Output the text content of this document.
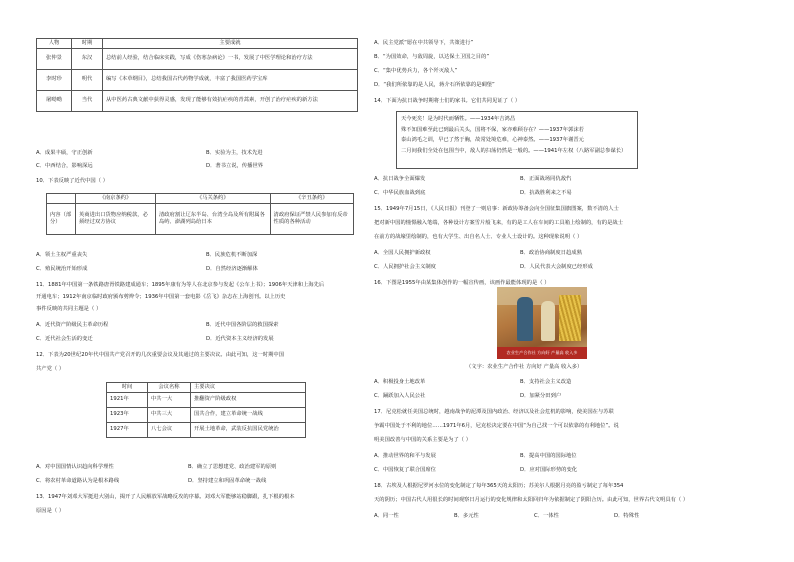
人物	时期	主要成就
张仲景	东汉	总结前人经验，结合临床实践，写成《伤寒杂病论》一书，发展了中医学理论和治疗方法
李时珍	明代	编写《本草纲目》，总结我国古代药物学成就，丰富了我国医药学宝库
屠呦呦	当代	从中医药古典文献中获得灵感，发现了能够有效抗疟疾的青蒿素，开创了治疗疟疾的新方法
A．成果丰硕，守正创新	B．实验为主，技术先进
C．中西结合，影响深远	D．著书立说，传播世界
10．下表反映了近代中国（ ）
	《南京条约》	《马关条约》	《辛丑条约》
内容（部分）	英商进出口货物应纳税款，必须经过双方协议	清政府割让辽东半岛、台湾全岛及所有附属各岛屿、澎湖列岛给日本	清政府保证严禁人民参加有反帝性质的各种活动
A．领土主权严重丧失	B．民族危机不断加深
C．殖民统治开始形成	D．自然经济逐渐解体
11．1881年中国第一条铁路唐胥铁路建成通车；1895年康有为等人在北京参与发起《公车上书》；1906年天津和上海先后
开通电车；1912年南京临时政府颁布剪辫令；1936年中国第一套电影《岳飞》杂志在上海创刊。以上历史
事件反映的共同主题是（ ）
A．近代资产阶级民主革命历程	B．近代中国各阶层的救国探索
C．近代社会生活的变迁	D．近代资本主义经济的发展
12．下表为20世纪20年代中国共产党召开的几次重要会议及其通过的主要决议。由此可知，这一时期中国
共产党（ ）
时间	会议名称	主要决议
1921年	中共一大	推翻资产阶级政权
1923年	中共三大	国共合作，建立革命统一战线
1927年	八七会议	开展土地革命，武装反抗国民党统治
A．对中国国情认识趋向科学理性	B．确立了思想建党、政治建军的原则
C．将农村革命道路认为是根本路线	D．坚持建立和巩固革命统一战线
13．1947年刘邓大军挺进大别山，揭开了人民解放军战略反攻的序幕。刘邓大军能够站稳脚跟，扎下根的根本
原因是（ ）
A．民主党派“愿在中共领导下，共策进行”
B．“为国效命，与敌周旋，以达保土卫国之目的”
C．“集中优势兵力，各个歼灭敌人”
D．“我们所依靠的是人民，蒋介石所依靠的是碉堡”
14．下面为抗日战争时期将士们的家书。它们共同见证了（ ）
天今死矣！是为时代而牺牲。——1934年吉鸿昌
殊不知国难至此已到最后关头，国将不保，家亦难顾存在？——1937年郭沫若
泰山鸿毛之训，早已了然于胸，故常处境危难，心神泰然。——1937年谢晋元
二月间我们全处在包围当中，敌人的扫荡仍然是一般的。——1941年左权（八路军副总参谋长）
A．抗日战争全面爆发	B．正面战场同仇敌忾
C．中华民族血战到底	D．抗战胜利来之不易
15．1949年7月15日，《人民日报》刊登了一则启事：新政协筹备会向全国征集国旗图案，数不清的人士
把对新中国的憧憬融入笔端，各种设计方案雪片般飞来，有的是工人在车间的工具箱上绘制的，有的是战士
在前方的战壕里绘制的，也有大学生、出自名人士、专业人士设计的。这种现象说明（ ）
A．全国人民拥护新政权	B．政治协商制度日趋成熟
C．人民拥护社会主义制度	D．人民代表大会制度已经形成
16．下图是1955年由某集体创作的一幅宣传画，该画作最能体现的是（ ）
农业生产合作社 方向好 产量高 收入多
（文字：农业生产合作社 方向好 产量高 收入多）
A．积极投身土地改革	B．支持社会主义改造
C．踊跃加入人民公社	D．加紧分田到户
17．尼克松就任美国总统时，越南战争的泥潭及国内政治、经济以及社会危机的影响，使美国在与苏联
争霸中国处于不利的地位……1971年6月，尼克松决定要在中国“为自己找一个可以依靠的有利地位”。说
明美国改善与中国的关系主要是为了（ ）
A．推动世界的和平与发展	B．提高中国的国际地位
C．中国恢复了联合国席位	D．应对国际形势的变化
18．古埃及人根据尼罗河水位的变化制定了每年365天的太阳历；苏美尔人根据月亮的盈亏制定了每年354
天的阴历；中国古代人用很长的时间观察日月运行的变化规律和太阳回归年为依据制定了阴阳合历。由此可知，世界古代文明具有（ ）
A．同一性	B．多元性	C．一体性	D．特殊性
